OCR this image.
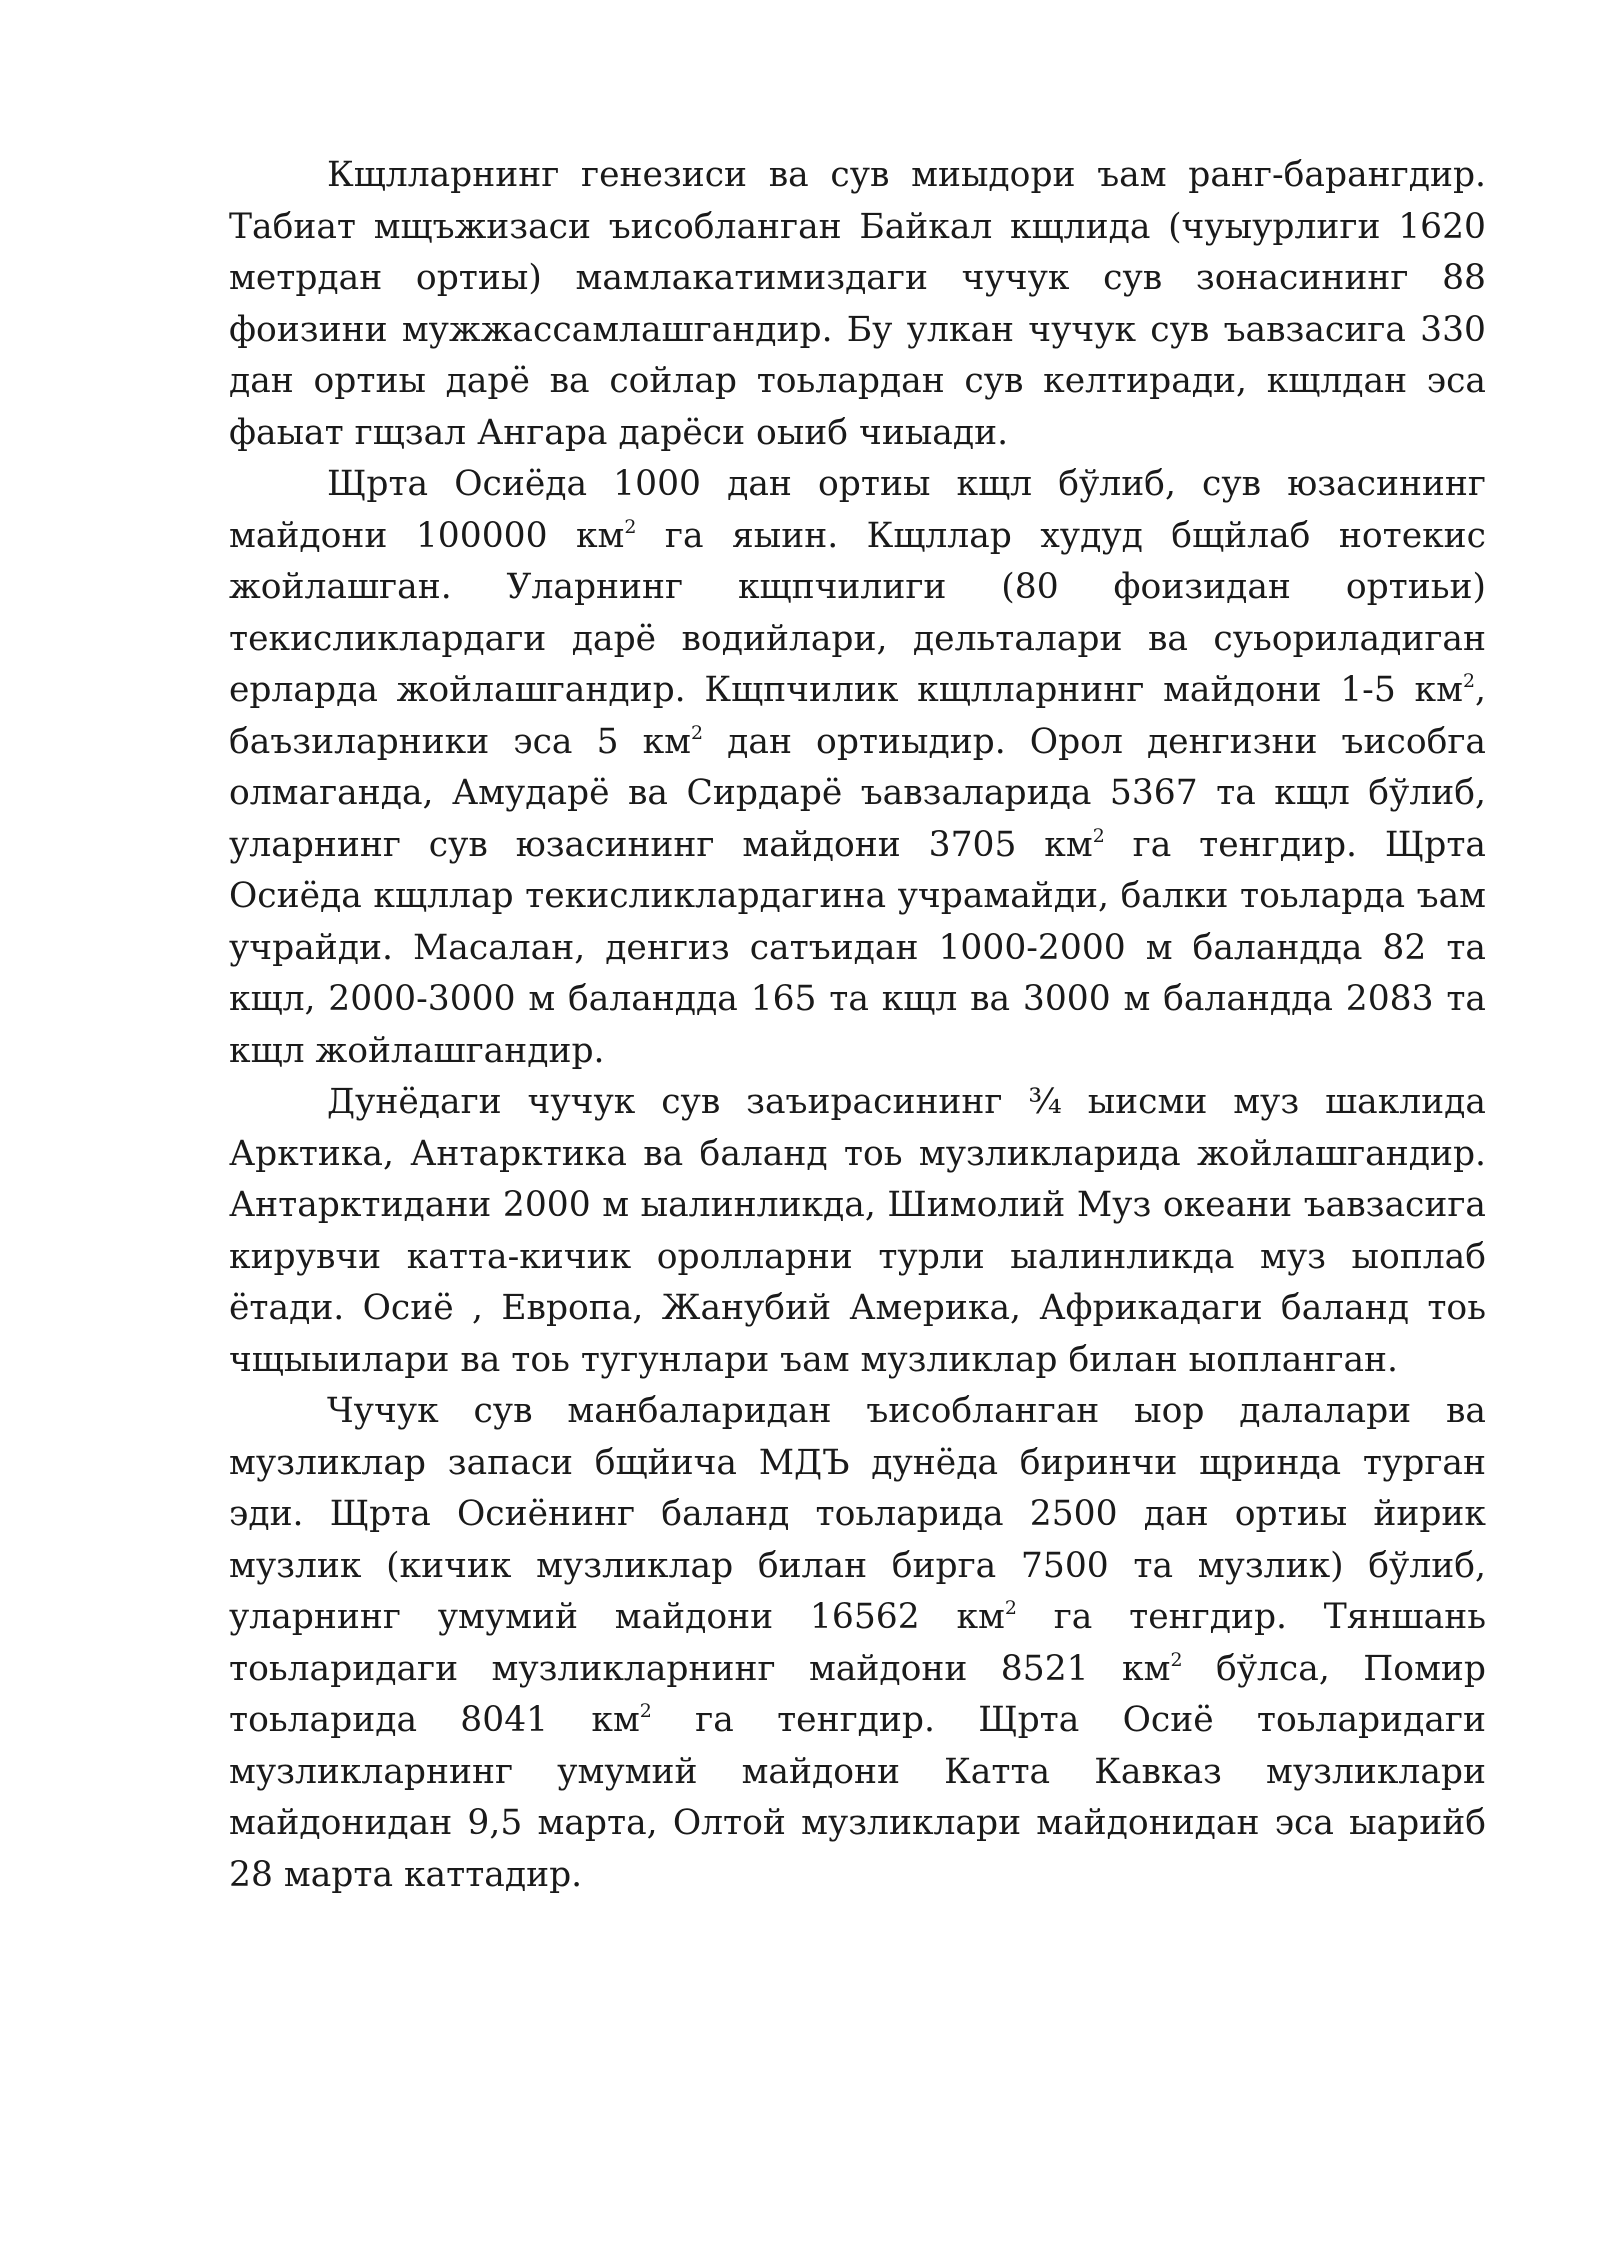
Кщлларнинг генезиси ва сув миыдори ъам ранг-барангдир. Табиат мщъжизаси ъисобланган Байкал кщлида (чуыурлиги 1620 метрдан ортиы) мамлакатимиздаги чучук сув зонасининг 88 фоизини мужжассамлашгандир. Бу улкан чучук сув ъавзасига 330 дан ортиы дарё ва сойлар тоьлардан сув келтиради, кщлдан эса фаыат гщзал Ангара дарёси оыиб чиыади.

Щрта Осиёда 1000 дан ортиы кщл бўлиб, сув юзасининг майдони 100000 $км^2$ га яыин. Кщллар худуд бщйлаб нотекис жойлашган. Уларнинг кщпчилиги (80 фоизидан ортиьи) текисликлардаги дарё водийлари, дельталари ва суьориладиган ерларда жойлашгандир. Кщпчилик кщлларнинг майдони 1-5 $км^2$, баъзиларники эса 5 $км^2$ дан ортиыдир. Орол денгизни ъисобга олмаганда, Амударё ва Сирдарё ъавзаларида 5367 та кщл бўлиб, уларнинг сув юзасининг майдони 3705 $км^2$ га тенгдир. Щрта Осиёда кщллар текисликлардагина учрамайди, балки тоьларда ъам учрайди. Масалан, денгиз сатъидан 1000-2000 м баландда 82 та кщл, 2000-3000 м баландда 165 та кщл ва 3000 м баландда 2083 та кщл жойлашгандир.

Дунёдаги чучук сув заъирасининг ¾ ыисми муз шаклида Арктика, Антарктика ва баланд тоь музликларида жойлашгандир. Антарктидани 2000 м ыалинликда, Шимолий Муз океани ъавзасига кирувчи катта-кичик оролларни турли ыалинликда муз ыоплаб ётади. Осиё , Европа, Жанубий Америка, Африкадаги баланд тоь чщыыилари ва тоь тугунлари ъам музликлар билан ыопланган.

Чучук сув манбаларидан ъисобланган ыор далалари ва музликлар запаси бщйича МДЪ дунёда биринчи щринда турган эди. Щрта Осиёнинг баланд тоьларида 2500 дан ортиы йирик музлик (кичик музликлар билан бирга 7500 та музлик) бўлиб, уларнинг умумий майдони 16562 $км^2$ га тенгдир. Тяншань тоьларидаги музликларнинг майдони 8521 $км^2$ бўлса, Помир тоьларида 8041 $км^2$ га тенгдир. Щрта Осиё тоьларидаги музликларнинг умумий майдони Катта Кавказ музликлари майдонидан 9,5 марта, Олтой музликлари майдонидан эса ыарийб 28 марта каттадир.
